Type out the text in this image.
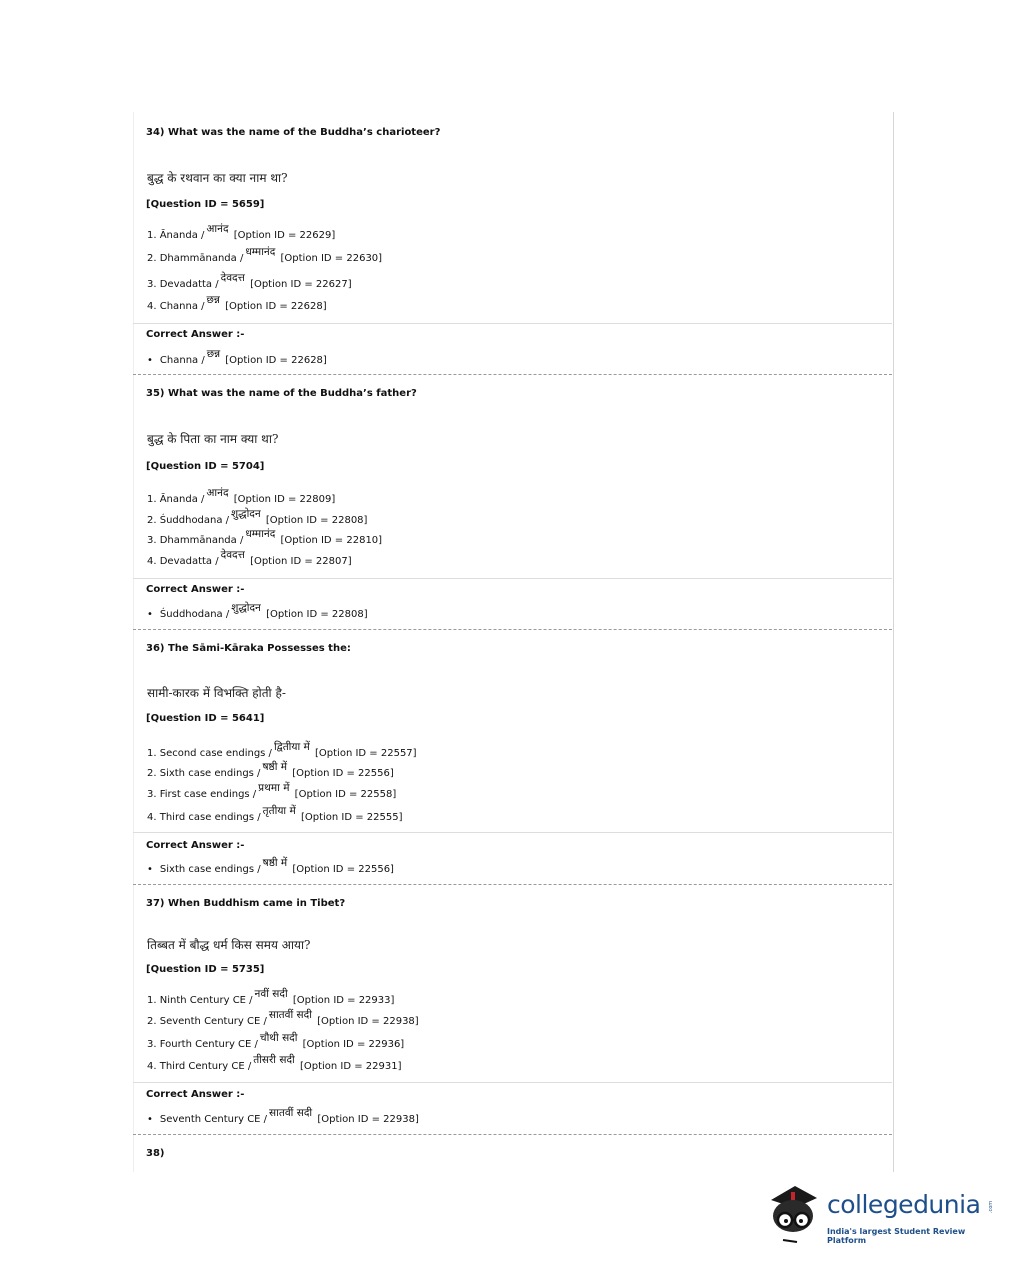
34) What was the name of the Buddha’s charioteer?
बुद्ध के रथवान का क्या नाम था?
[Question ID = 5659]
1. Ānanda /आनंद [Option ID = 22629]
2. Dhammānanda /धम्मानंद [Option ID = 22630]
3. Devadatta /देवदत्त [Option ID = 22627]
4. Channa /छन्न [Option ID = 22628]
Correct Answer :-
• Channa /छन्न [Option ID = 22628]
35) What was the name of the Buddha’s father?
बुद्ध के पिता का नाम क्या था?
[Question ID = 5704]
1. Ānanda /आनंद [Option ID = 22809]
2. Śuddhodana /शुद्धोदन [Option ID = 22808]
3. Dhammānanda /धम्मानंद [Option ID = 22810]
4. Devadatta /देवदत्त [Option ID = 22807]
Correct Answer :-
• Śuddhodana /शुद्धोदन [Option ID = 22808]
36) The Sāmi-Kāraka Possesses the:
सामी-कारक में विभक्ति होती है-
[Question ID = 5641]
1. Second case endings /द्वितीया में [Option ID = 22557]
2. Sixth case endings /षष्ठी में [Option ID = 22556]
3. First case endings /प्रथमा में [Option ID = 22558]
4. Third case endings /तृतीया में [Option ID = 22555]
Correct Answer :-
• Sixth case endings /षष्ठी में [Option ID = 22556]
37) When Buddhism came in Tibet?
तिब्बत में बौद्ध धर्म किस समय आया?
[Question ID = 5735]
1. Ninth Century CE /नवीं सदी [Option ID = 22933]
2. Seventh Century CE /सातवीं सदी [Option ID = 22938]
3. Fourth Century CE /चौथी सदी [Option ID = 22936]
4. Third Century CE /तीसरी सदी [Option ID = 22931]
Correct Answer :-
• Seventh Century CE /सातवीं सदी [Option ID = 22938]
38)
collegedunia .com
India's largest Student Review Platform
